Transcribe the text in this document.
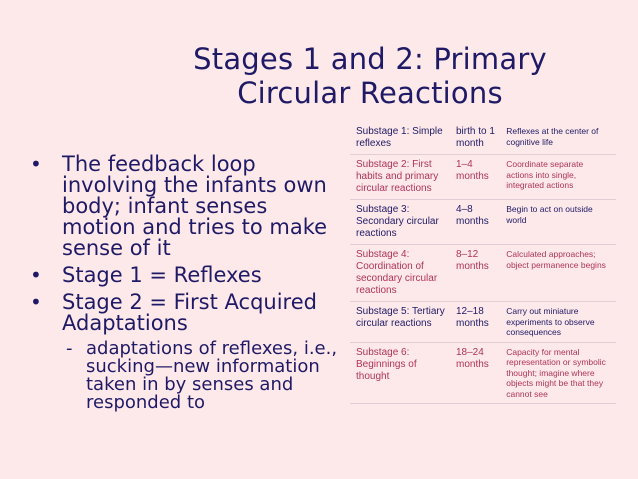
Stages 1 and 2: Primary
Circular Reactions
• The feedback loop involving the infants own body; infant senses motion and tries to make sense of it
• Stage 1 = Reflexes
• Stage 2 = First Acquired Adaptations
- adaptations of reflexes, i.e., sucking—new information taken in by senses and responded to
Substage 1: Simple reflexes	birth to 1 month	Reflexes at the center of cognitive life
Substage 2: First habits and primary circular reactions	1–4 months	Coordinate separate actions into single, integrated actions
Substage 3: Secondary circular reactions	4–8 months	Begin to act on outside world
Substage 4: Coordination of secondary circular reactions	8–12 months	Calculated approaches; object permanence begins
Substage 5: Tertiary circular reactions	12–18 months	Carry out miniature experiments to observe consequences
Substage 6: Beginnings of thought	18–24 months	Capacity for mental representation or symbolic thought; imagine where objects might be that they cannot see
